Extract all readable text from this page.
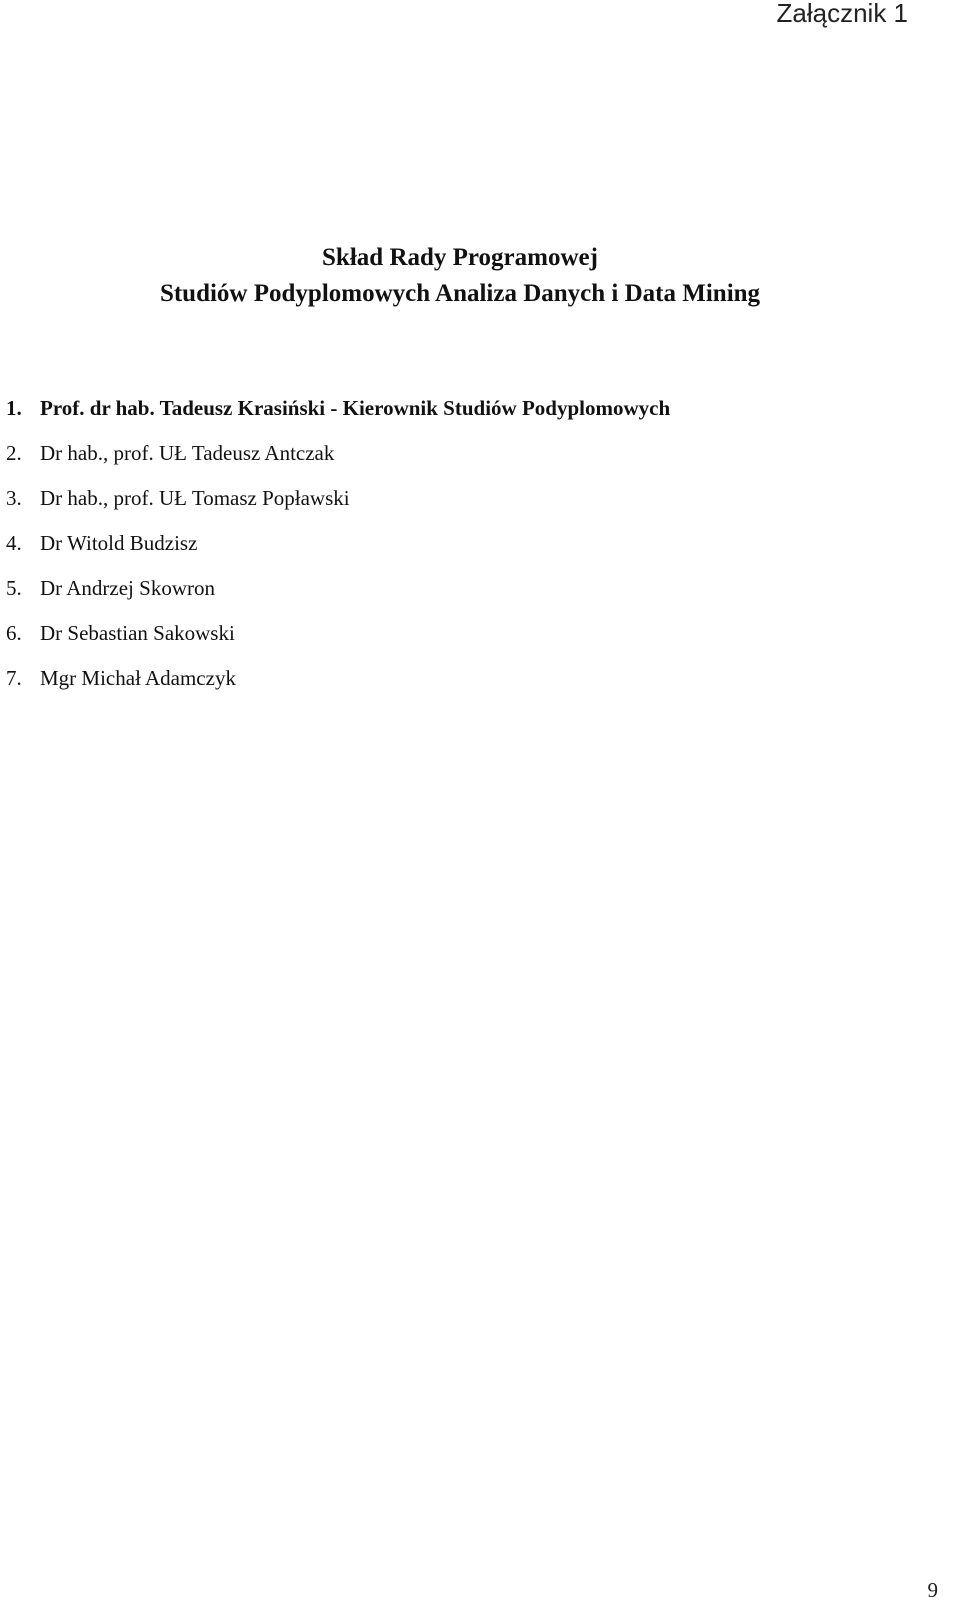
Załącznik 1
Skład Rady Programowej
Studiów Podyplomowych Analiza Danych i Data Mining
1. Prof. dr hab. Tadeusz Krasiński - Kierownik Studiów Podyplomowych
2. Dr hab., prof. UŁ Tadeusz Antczak
3. Dr hab., prof. UŁ Tomasz Popławski
4. Dr Witold Budzisz
5. Dr Andrzej Skowron
6. Dr Sebastian Sakowski
7. Mgr Michał Adamczyk
9
